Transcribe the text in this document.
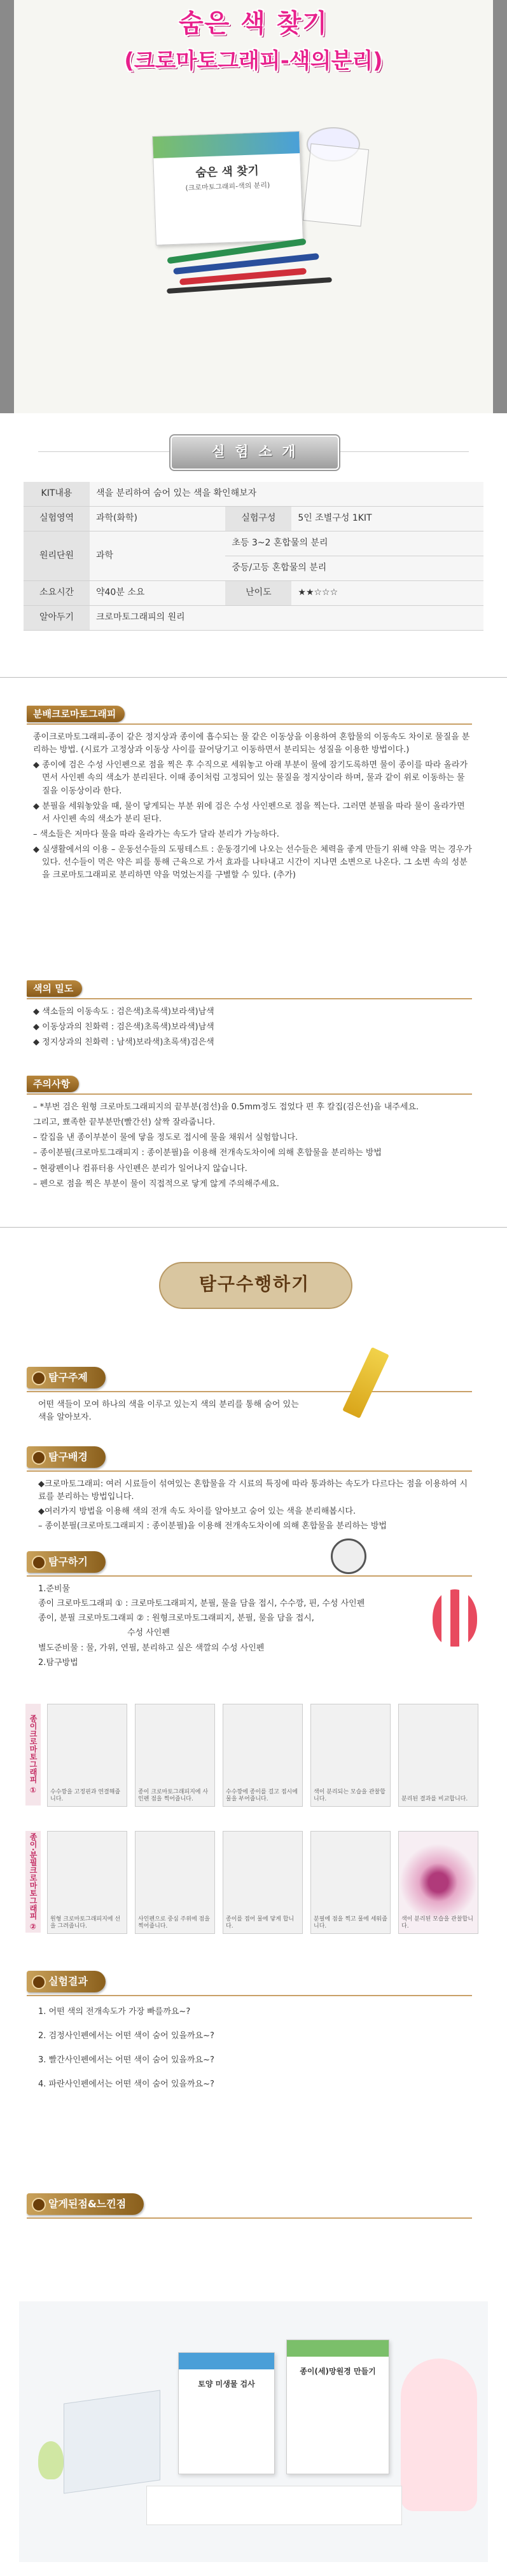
숨은 색 찾기
(크로마토그래피-색의분리)
숨은 색 찾기
(크로마토그래피-색의 분리)
실 험 소 개
KIT내용	색을 분리하여 숨어 있는 색을 확인해보자		
실험영역	과학(화학)	실험구성	5인 조별구성 1KIT
원리단원	과학	초등 3~2 혼합물의 분리	
		중등/고등 혼합물의 분리	
소요시간	약40분 소요	난이도	★★☆☆☆
알아두기	크로마토그래피의 원리		
분배크로마토그래피

종이크로마토그래피-종이 같은 정지상과 종이에 흡수되는 물 같은 이동상을 이용하여 혼합물의 이동속도 차이로 물질을 분리하는 방법. (시료가 고정상과 이동상 사이를 끌어당기고 이동하면서 분리되는 성질을 이용한 방법이다.)

◆ 종이에 검은 수성 사인펜으로 점을 찍은 후 수직으로 세워놓고 아래 부분이 물에 잠기도록하면 물이 종이를 따라 올라가면서 사인펜 속의 색소가 분리된다. 이때 종이처럼 고정되어 있는 물질을 정지상이라 하며, 물과 같이 위로 이동하는 물질을 이동상이라 한다.

◆ 분필을 세워놓았을 때, 물이 닿게되는 부분 위에 검은 수성 사인펜으로 점을 찍는다. 그러면 분필을 따라 물이 올라가면서 사인펜 속의 색소가 분리 된다.

– 색소들은 저마다 물을 따라 올라가는 속도가 달라 분리가 가능하다.

◆ 실생활에서의 이용 – 운동선수들의 도핑테스트 : 운동경기에 나오는 선수들은 체력을 좋게 만들기 위해 약을 먹는 경우가 있다. 선수들이 먹은 약은 피를 통해 근육으로 가서 효과를 나타내고 시간이 지나면 소변으로 나온다. 그 소변 속의 성분을 크로마토그래피로 분리하면 약을 먹었는지를 구별할 수 있다. (추가)

색의 밀도

◆ 색소들의 이동속도 : 검은색)초록색)보라색)남색

◆ 이동상과의 친화력 : 검은색)초록색)보라색)남색

◆ 정지상과의 친화력 : 남색)보라색)초록색)검은색

주의사항

– *부번 검은 원형 크로마토그래피지의 끝부분(점선)을 0.5mm정도 접었다 편 후 칼집(검은선)을 내주세요.

그리고, 뾰족한 끝부분만(빨간선) 살짝 잘라줍니다.

– 칼집을 낸 종이부분이 물에 닿을 정도로 접시에 물을 채워서 실험합니다.

– 종이분필(크로마토그래피지 : 종이분필)을 이용해 전개속도차이에 의해 혼합물을 분리하는 방법

– 현광펜이나 컴퓨터용 사인펜은 분리가 일어나지 않습니다.

– 펜으로 점을 찍은 부분이 물이 직접적으로 닿게 않게 주의해주세요.

탐구수행하기
탐구주제
어떤 색들이 모여 하나의 색을 이루고 있는지 색의 분리를 통해 숨어 있는 색을 알아보자.
탐구배경

◆크로마토그래피: 여러 시료들이 섞여있는 혼합물을 각 시료의 특징에 따라 통과하는 속도가 다르다는 점을 이용하여 시료를 분리하는 방법입니다.

◆여러가지 방법을 이용해 색의 전개 속도 차이를 알아보고 숨어 있는 색을 분리해봅시다.

– 종이분필(크로마토그래피지 : 종이분필)을 이용해 전개속도차이에 의해 혼합물을 분리하는 방법

탐구하기

1.준비물

종이 크로마토그래피 ① : 크로마토그래피지, 분필, 물을 담을 접시, 수수깡, 핀, 수성 사인펜

종이, 분필 크로마토그래피 ② : 원형크로마토그래피지, 분필, 물을 담을 접시,

수성 사인펜

별도준비물 : 물, 가위, 연필, 분리하고 싶은 색깔의 수성 사인펜

2.탐구방법

종이크로마토그래피 ①	수수깡을 고정핀과 연결해줍니다.
종이 크로마토그래피지에 사인펜 점을 찍어줍니다.
수수깡에 종이를 걸고 접시에 물을 부어줍니다.
색이 분리되는 모습을 관찰합니다.	분리된 결과를 비교합니다.
종이·분필크로마토그래피 ②	원형 크로마토그래피지에 선을 그려줍니다.
사인펜으로 중심 주위에 점을 찍어줍니다.
종이를 접어 물에 닿게 합니다.
분필에 점을 찍고 물에 세워줍니다.
색이 분리된 모습을 관찰합니다.
실험결과

1. 어떤 색의 전개속도가 가장 빠를까요~?

2. 검정사인펜에서는 어떤 색이 숨어 있을까요~?

3. 빨간사인펜에서는 어떤 색이 숨어 있을까요~?

4. 파란사인펜에서는 어떤 색이 숨어 있을까요~?

알게된점&느낀점
토양 미생물 검사
종이(세)망원경 만들기
